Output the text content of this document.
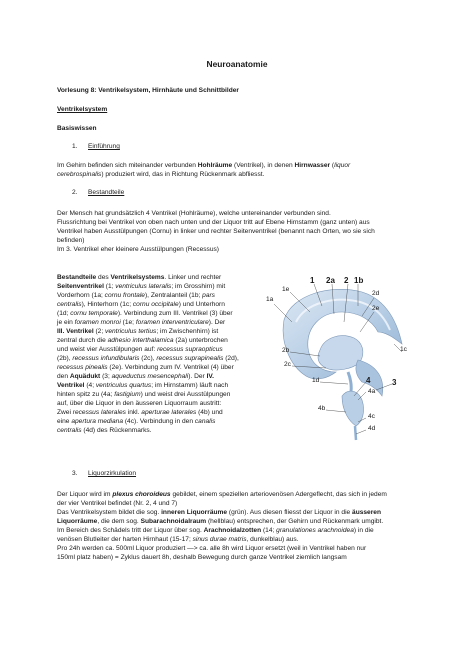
Neuroanatomie
Vorlesung 8: Ventrikelsystem, Hirnhäute und Schnittbilder
Ventrikelsystem
Basiswissen
1. Einführung
Im Gehirn befinden sich miteinander verbunden Hohlräume (Ventrikel), in denen Hirnwasser (liquor
cerebrospinalis) produziert wird, das in Richtung Rückenmark abfliesst.
2. Bestandteile
Der Mensch hat grundsätzlich 4 Ventrikel (Hohlräume), welche untereinander verbunden sind.
Flussrichtung bei Ventrikel von oben nach unten und der Liquor tritt auf Ebene Hirnstamm (ganz unten) aus
Ventrikel haben Ausstülpungen (Cornu) in linker und rechter Seitenventrikel (benannt nach Orten, wo sie sich
befinden)
Im 3. Ventrikel eher kleinere Ausstülpungen (Recessus)
Bestandteile des Ventrikelsystems. Linker und rechter
Seitenventrikel (1; ventriculus lateralis; im Grosshirn) mit
Vorderhorn (1a; cornu frontale), Zentralanteil (1b; pars
centralis), Hinterhorn (1c; cornu occipitale) und Unterhorn
(1d; cornu temporale). Verbindung zum III. Ventrikel (3) über
je ein foramen monroi (1e; foramen interventriculare). Der
III. Ventrikel (2; ventriculus tertius; im Zwischenhirn) ist
zentral durch die adhesio interthalamica (2a) unterbrochen
und weist vier Ausstülpungen auf: recessus supraopticus
(2b), recessus infundibularis (2c), recessus suprapinealis (2d),
recessus pinealis (2e). Verbindung zum IV. Ventrikel (4) über
den Aquädukt (3; aqueductus mesencephali). Der IV.
Ventrikel (4; ventriculus quartus; im Hirnstamm) läuft nach
hinten spitz zu (4a; fastigium) und weist drei Ausstülpungen
auf, über die Liquor in den äusseren Liquorraum austritt:
Zwei recessus laterales inkl. aperturae laterales (4b) und
eine apertura mediana (4c). Verbindung in den canalis
centralis (4d) des Rückenmarks.
1 2a 2 1b
1e
2d
2e
1a
1c
2b
2c
1d	3
4
4a
4b
4c
4d
3. Liquorzirkulation
Der Liquor wird im plexus choroideus gebildet, einem speziellen arteriovenösen Adergeflecht, das sich in jedem
der vier Ventrikel befindet (Nr. 2, 4 und 7)
Das Ventrikelsystem bildet die sog. inneren Liquorräume (grün). Aus diesen fliesst der Liquor in die äusseren
Liquorräume, die dem sog. Subarachnoidalraum (hellblau) entsprechen, der Gehirn und Rückenmark umgibt.
Im Bereich des Schädels tritt der Liquor über sog. Arachnoidalzotten (14; granulationes arachnoidea) in die
venösen Blutleiter der harten Hirnhaut (15-17; sinus durae matris, dunkelblau) aus.
Pro 24h werden ca. 500ml Liquor produziert —> ca. alle 8h wird Liquor ersetzt (weil in Ventrikel haben nur
150ml platz haben) = Zyklus dauert 8h, deshalb Bewegung durch ganze Ventrikel ziemlich langsam
